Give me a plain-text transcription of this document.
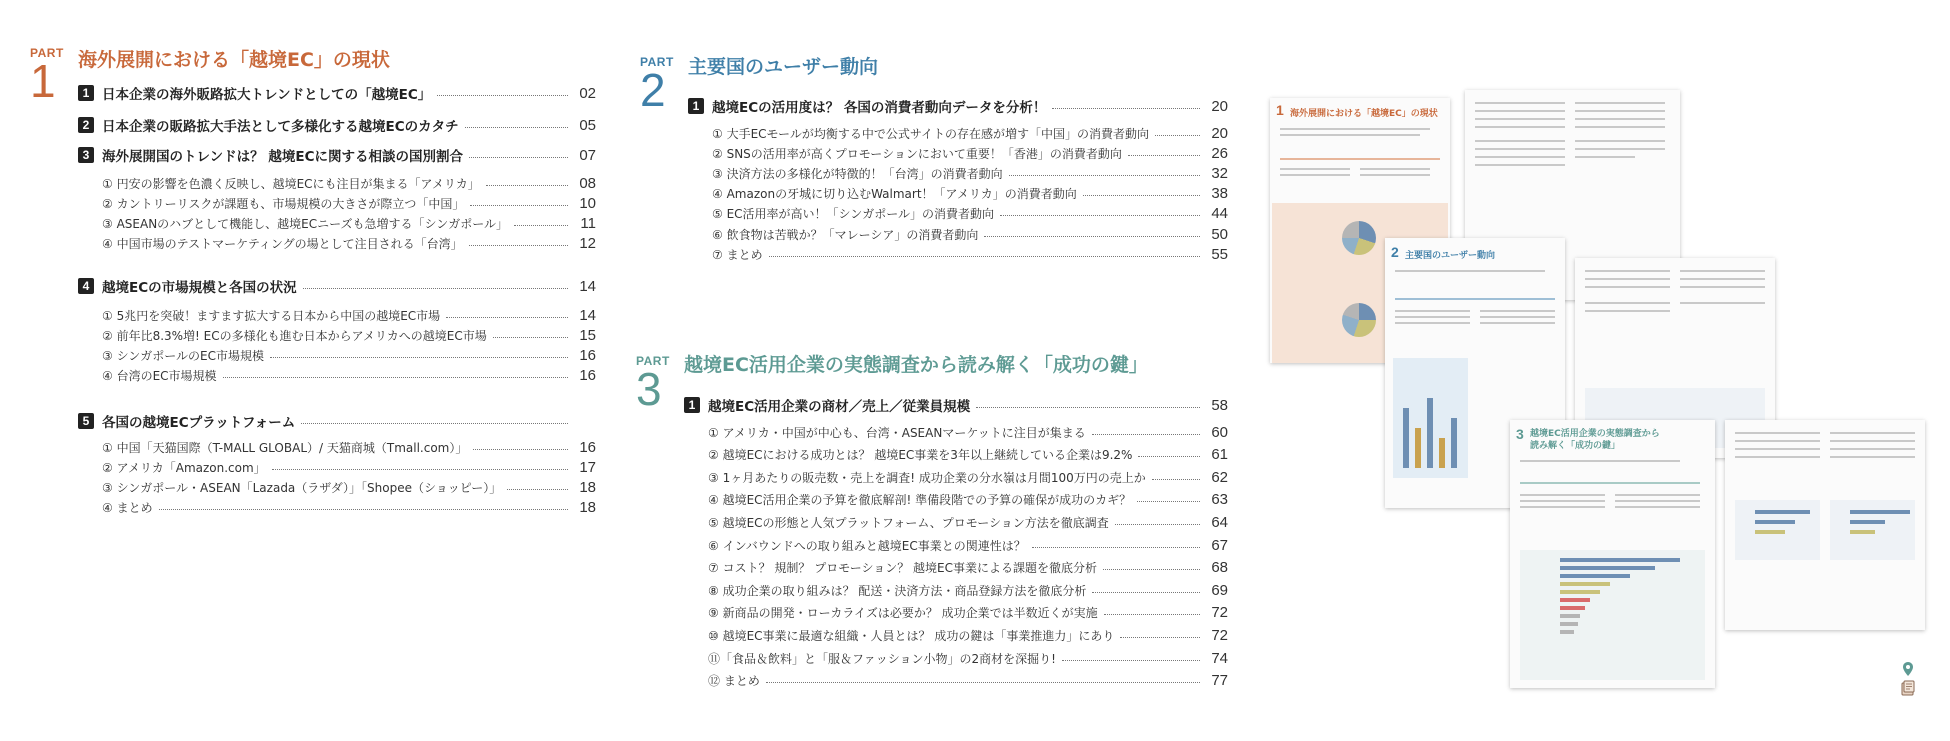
PART
1 海外展開における「越境EC」の現状
1 日本企業の海外販路拡大トレンドとしての「越境EC」	02
2 日本企業の販路拡大手法として多様化する越境ECのカタチ	05
3 海外展開国のトレンドは？ 越境ECに関する相談の国別割合	07
① 円安の影響を色濃く反映し、越境ECにも注目が集まる「アメリカ」	08
② カントリーリスクが課題も、市場規模の大きさが際立つ「中国」	10
③ ASEANのハブとして機能し、越境ECニーズも急増する「シンガポール」	11
④ 中国市場のテストマーケティングの場として注目される「台湾」	12
4 越境ECの市場規模と各国の状況	14
① 5兆円を突破！ますます拡大する日本から中国の越境EC市場	14
② 前年比8.3%増! ECの多様化も進む日本からアメリカへの越境EC市場	15
③ シンガポールのEC市場規模	16
④ 台湾のEC市場規模	16
5 各国の越境ECプラットフォーム
① 中国「天猫国際（T-MALL GLOBAL）/ 天猫商城（Tmall.com）」	16
② アメリカ「Amazon.com」	17
③ シンガポール・ASEAN「Lazada（ラザダ）」「Shopee（ショッピー）」	18
④ まとめ	18
PART
2 主要国のユーザー動向
1 越境ECの活用度は？ 各国の消費者動向データを分析！	20
① 大手ECモールが均衡する中で公式サイトの存在感が増す「中国」の消費者動向	20
② SNSの活用率が高くプロモーションにおいて重要！「香港」の消費者動向	26
③ 決済方法の多様化が特徴的！「台湾」の消費者動向	32
④ Amazonの牙城に切り込むWalmart！「アメリカ」の消費者動向	38
⑤ EC活用率が高い！「シンガポール」の消費者動向	44
⑥ 飲食物は苦戦か？「マレーシア」の消費者動向	50
⑦ まとめ	55
PART
3 越境EC活用企業の実態調査から読み解く「成功の鍵」
1 越境EC活用企業の商材／売上／従業員規模	58
① アメリカ・中国が中心も、台湾・ASEANマーケットに注目が集まる	60
② 越境ECにおける成功とは？ 越境EC事業を3年以上継続している企業は9.2%	61
③ 1ヶ月あたりの販売数・売上を調査! 成功企業の分水嶺は月間100万円の売上か	62
④ 越境EC活用企業の予算を徹底解剖! 準備段階での予算の確保が成功のカギ？	63
⑤ 越境ECの形態と人気プラットフォーム、プロモーション方法を徹底調査	64
⑥ インバウンドへの取り組みと越境EC事業との関連性は？	67
⑦ コスト？ 規制？ プロモーション？ 越境EC事業による課題を徹底分析	68
⑧ 成功企業の取り組みは？ 配送・決済方法・商品登録方法を徹底分析	69
⑨ 新商品の開発・ローカライズは必要か？ 成功企業では半数近くが実施	72
⑩ 越境EC事業に最適な組織・人員とは？ 成功の鍵は「事業推進力」にあり	72
⑪「食品＆飲料」と「服＆ファッション小物」の2商材を深掘り!	74
⑫ まとめ	77
1 海外展開における「越境EC」の現状
2 主要国のユーザー動向
3 越境EC活用企業の実態調査から
読み解く「成功の鍵」
